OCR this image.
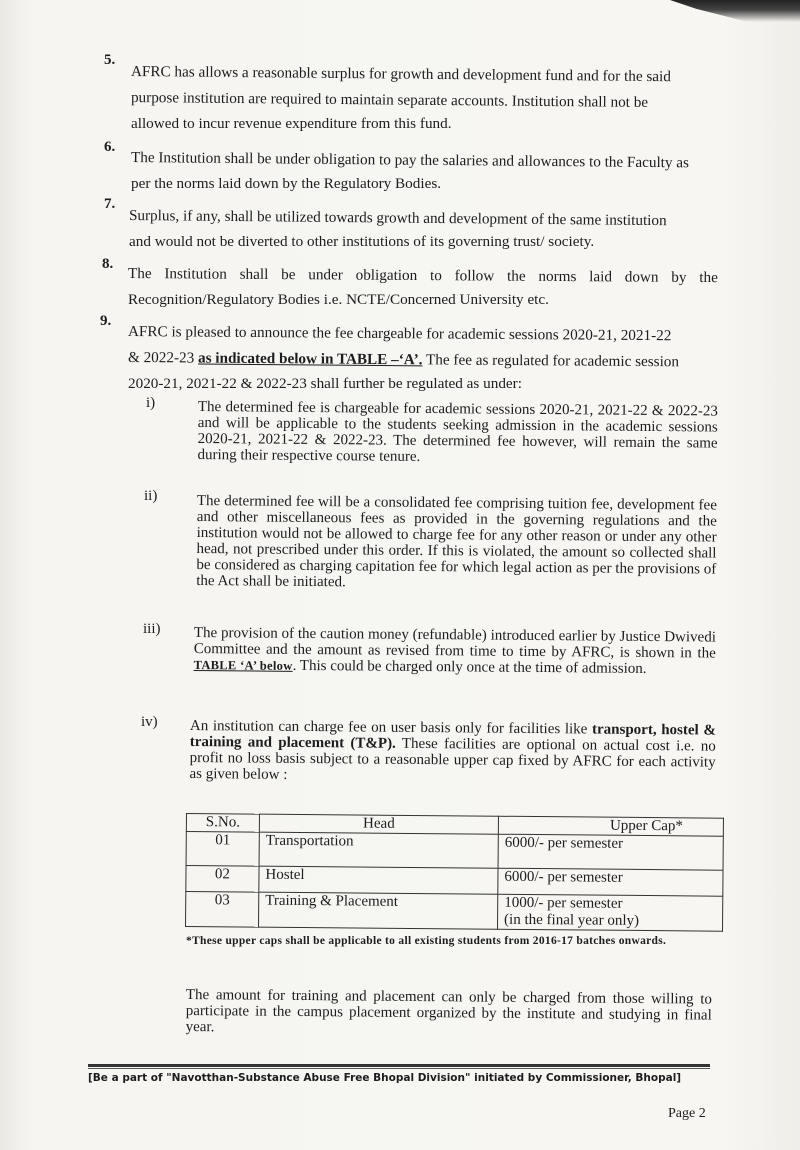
5.
AFRC has allows a reasonable surplus for growth and development fund and for the said
purpose institution are required to maintain separate accounts. Institution shall not be
allowed to incur revenue expenditure from this fund.
6.
The Institution shall be under obligation to pay the salaries and allowances to the Faculty as
per the norms laid down by the Regulatory Bodies.
7.
Surplus, if any, shall be utilized towards growth and development of the same institution
and would not be diverted to other institutions of its governing trust/ society.
8.
The Institution shall be under obligation to follow the norms laid down by the
Recognition/Regulatory Bodies i.e. NCTE/Concerned University etc.
9.
AFRC is pleased to announce the fee chargeable for academic sessions 2020-21, 2021-22
& 2022-23 as indicated below in TABLE –‘A’. The fee as regulated for academic session
2020-21, 2021-22 & 2022-23 shall further be regulated as under:
i)	The determined fee is chargeable for academic sessions 2020-21, 2021-22 & 2022-23 and will be applicable to the students seeking admission in the academic sessions 2020-21, 2021-22 & 2022-23. The determined fee however, will remain the same during their respective course tenure.
ii)	The determined fee will be a consolidated fee comprising tuition fee, development fee and other miscellaneous fees as provided in the governing regulations and the institution would not be allowed to charge fee for any other reason or under any other head, not prescribed under this order. If this is violated, the amount so collected shall be considered as charging capitation fee for which legal action as per the provisions of the Act shall be initiated.
iii) The provision of the caution money (refundable) introduced earlier by Justice Dwivedi Committee and the amount as revised from time to time by AFRC, is shown in the TABLE ‘A’ below. This could be charged only once at the time of admission.
iv) An institution can charge fee on user basis only for facilities like transport, hostel & training and placement (T&P). These facilities are optional on actual cost i.e. no profit no loss basis subject to a reasonable upper cap fixed by AFRC for each activity as given below :
S.No.	Head	Upper Cap*
01	Transportation	6000/- per semester
02	Hostel	6000/- per semester
03	Training & Placement	1000/- per semester
(in the final year only)
*These upper caps shall be applicable to all existing students from 2016-17 batches onwards.
The amount for training and placement can only be charged from those willing to participate in the campus placement organized by the institute and studying in final year.
[Be a part of "Navotthan-Substance Abuse Free Bhopal Division" initiated by Commissioner, Bhopal]
Page 2
